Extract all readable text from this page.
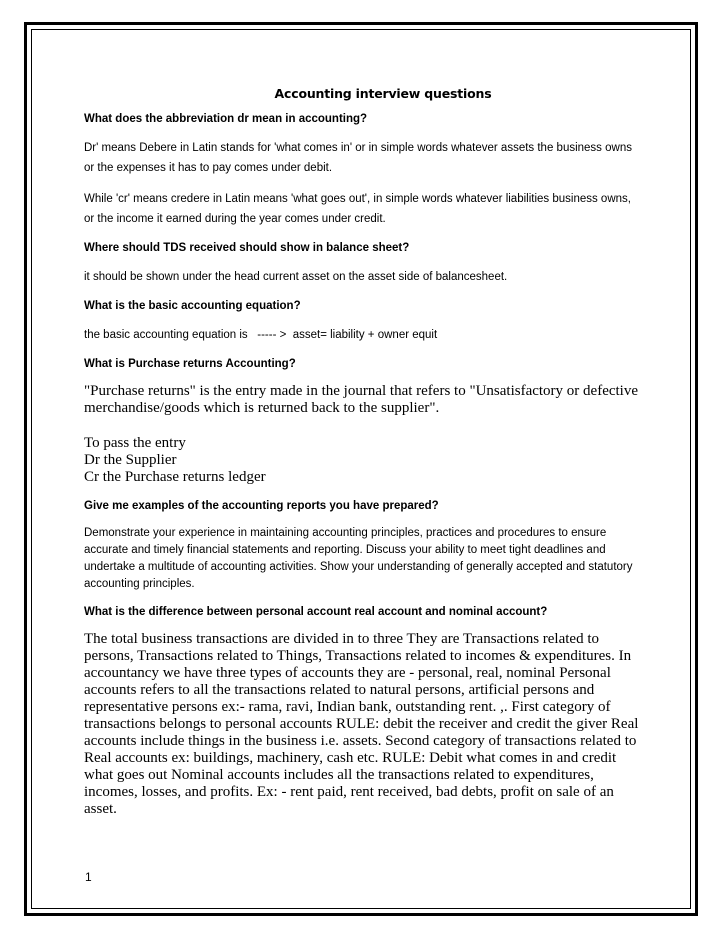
Accounting interview questions
What does the abbreviation dr mean in accounting?
Dr' means Debere in Latin stands for 'what comes in' or in simple words whatever assets the business owns or the expenses it has to pay comes under debit.
While 'cr' means credere in Latin means 'what goes out', in simple words whatever liabilities business owns, or the income it earned during the year comes under credit.
Where should TDS received should show in balance sheet?
it should be shown under the head current asset on the asset side of balancesheet.
What is the basic accounting equation?
the basic accounting equation is   ----- >  asset= liability + owner equit
What is Purchase returns Accounting?
"Purchase returns" is the entry made in the journal that refers to "Unsatisfactory or defective merchandise/goods which is returned back to the supplier".
To pass the entry
Dr the Supplier
Cr the Purchase returns ledger
Give me examples of the accounting reports you have prepared?
Demonstrate your experience in maintaining accounting principles, practices and procedures to ensure accurate and timely financial statements and reporting. Discuss your ability to meet tight deadlines and undertake a multitude of accounting activities. Show your understanding of generally accepted and statutory accounting principles.
What is the difference between personal account real account and nominal account?
The total business transactions are divided in to three They are Transactions related to persons, Transactions related to Things, Transactions related to incomes & expenditures. In accountancy we have three types of accounts they are - personal, real, nominal Personal accounts refers to all the transactions related to natural persons, artificial persons and representative persons ex:- rama, ravi, Indian bank, outstanding rent. ,. First category of transactions belongs to personal accounts RULE: debit the receiver and credit the giver Real accounts include things in the business i.e. assets. Second category of transactions related to Real accounts ex: buildings, machinery, cash etc. RULE: Debit what comes in and credit what goes out Nominal accounts includes all the transactions related to expenditures, incomes, losses, and profits. Ex: - rent paid, rent received, bad debts, profit on sale of an asset.
1
